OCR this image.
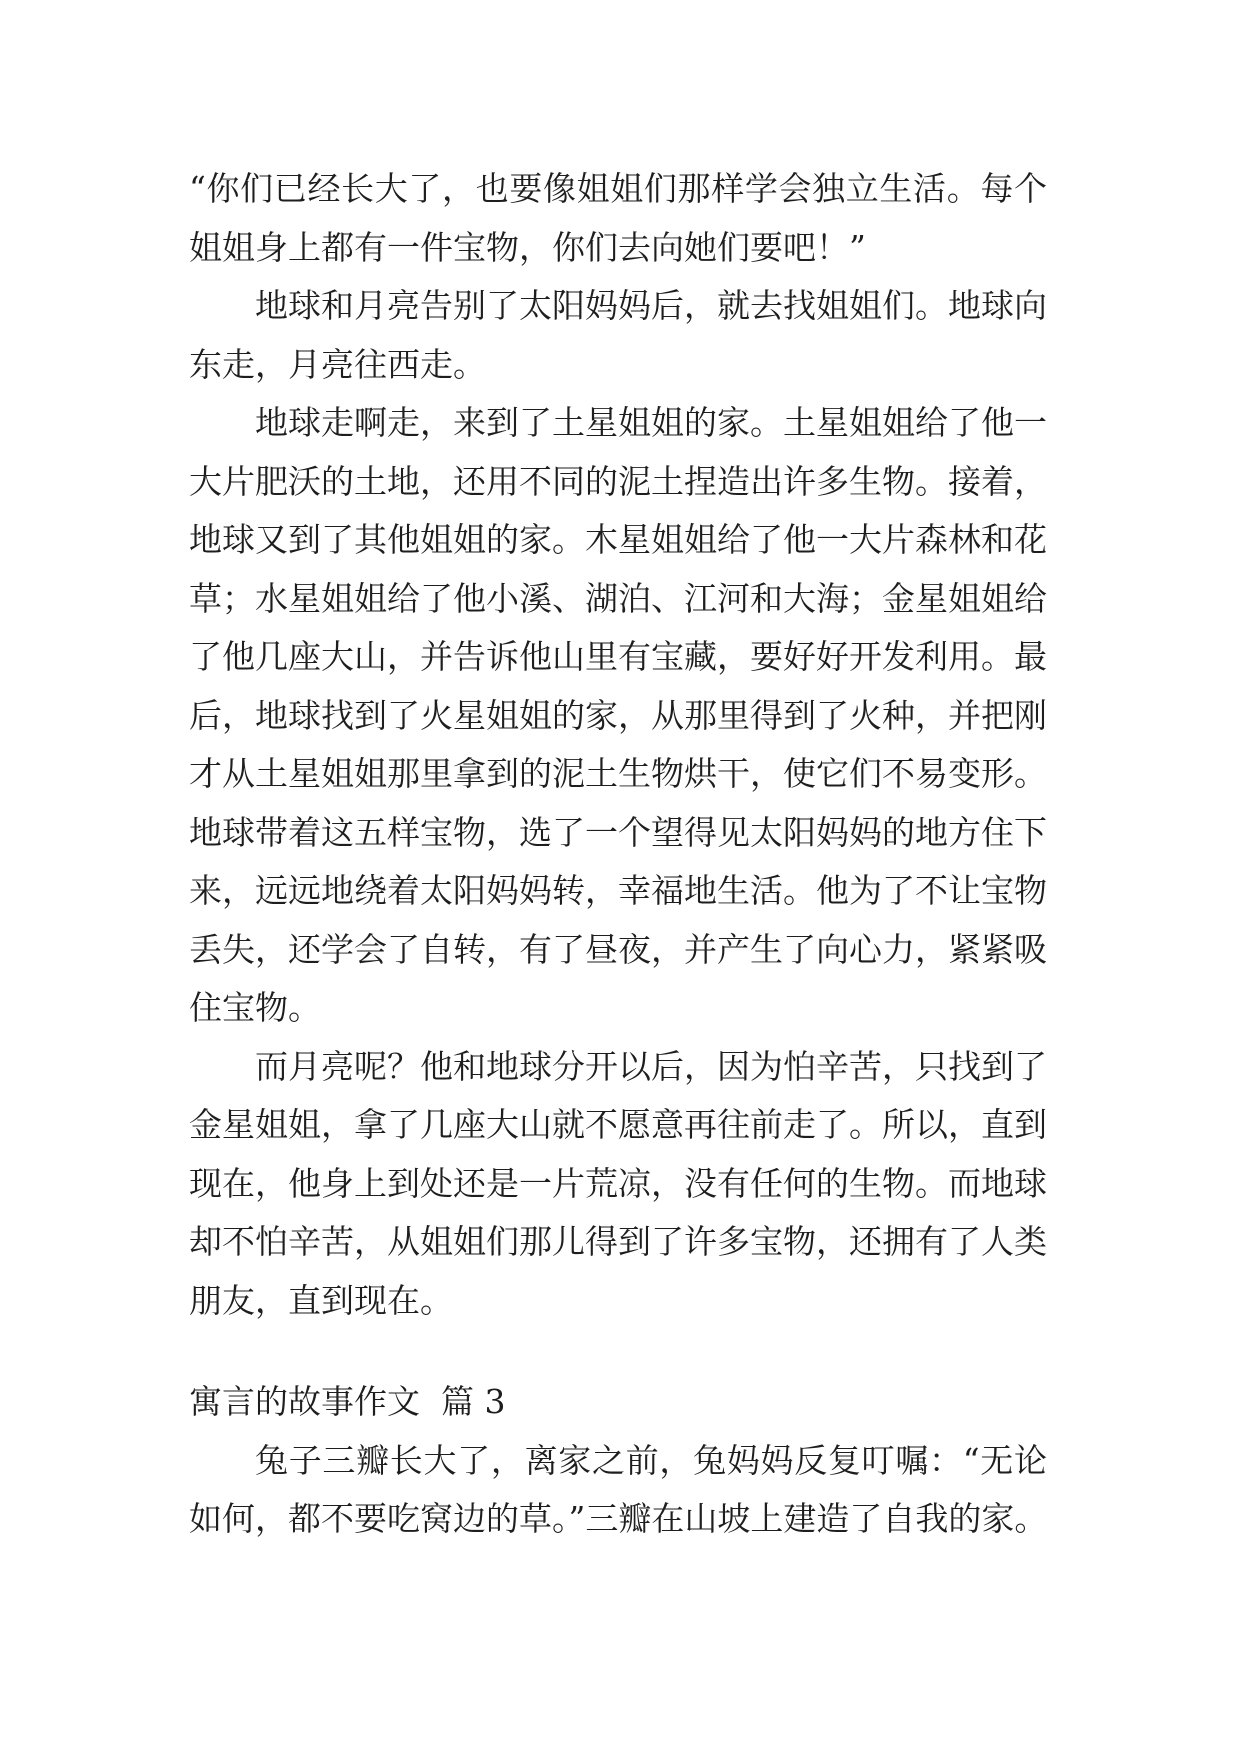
“你们已经长大了，也要像姐姐们那样学会独立生活。每个
姐姐身上都有一件宝物，你们去向她们要吧！”
地球和月亮告别了太阳妈妈后，就去找姐姐们。地球向
东走，月亮往西走。
地球走啊走，来到了土星姐姐的家。土星姐姐给了他一
大片肥沃的土地，还用不同的泥土捏造出许多生物。接着，
地球又到了其他姐姐的家。木星姐姐给了他一大片森林和花
草；水星姐姐给了他小溪、湖泊、江河和大海；金星姐姐给
了他几座大山，并告诉他山里有宝藏，要好好开发利用。最
后，地球找到了火星姐姐的家，从那里得到了火种，并把刚
才从土星姐姐那里拿到的泥土生物烘干，使它们不易变形。
地球带着这五样宝物，选了一个望得见太阳妈妈的地方住下
来，远远地绕着太阳妈妈转，幸福地生活。他为了不让宝物
丢失，还学会了自转，有了昼夜，并产生了向心力，紧紧吸
住宝物。
而月亮呢？他和地球分开以后，因为怕辛苦，只找到了
金星姐姐，拿了几座大山就不愿意再往前走了。所以，直到
现在，他身上到处还是一片荒凉，没有任何的生物。而地球
却不怕辛苦，从姐姐们那儿得到了许多宝物，还拥有了人类
朋友，直到现在。
寓言的故事作文  篇 3
兔子三瓣长大了，离家之前，兔妈妈反复叮嘱：“无论
如何，都不要吃窝边的草。”三瓣在山坡上建造了自我的家。
